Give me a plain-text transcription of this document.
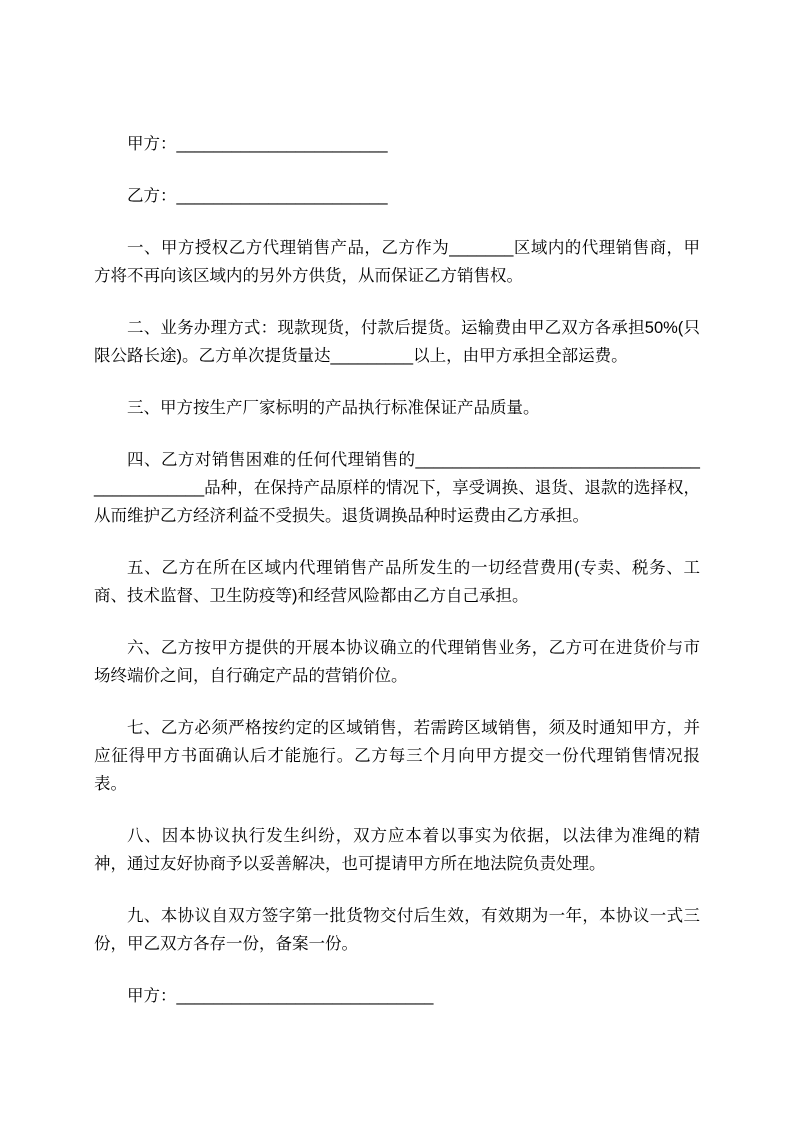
甲方：_______________________

乙方：_______________________

一、甲方授权乙方代理销售产品，乙方作为_______区域内的代理销售商，甲方将不再向该区域内的另外方供货，从而保证乙方销售权。

二、业务办理方式：现款现货，付款后提货。运输费由甲乙双方各承担50%(只限公路长途)。乙方单次提货量达_________以上，由甲方承担全部运费。

三、甲方按生产厂家标明的产品执行标准保证产品质量。

四、乙方对销售困难的任何代理销售的___________________________________________品种，在保持产品原样的情况下，享受调换、退货、退款的选择权，从而维护乙方经济利益不受损失。退货调换品种时运费由乙方承担。

五、乙方在所在区域内代理销售产品所发生的一切经营费用(专卖、税务、工商、技术监督、卫生防疫等)和经营风险都由乙方自己承担。

六、乙方按甲方提供的开展本协议确立的代理销售业务，乙方可在进货价与市场终端价之间，自行确定产品的营销价位。

七、乙方必须严格按约定的区域销售，若需跨区域销售，须及时通知甲方，并应征得甲方书面确认后才能施行。乙方每三个月向甲方提交一份代理销售情况报表。

八、因本协议执行发生纠纷，双方应本着以事实为依据，以法律为准绳的精神，通过友好协商予以妥善解决，也可提请甲方所在地法院负责处理。

九、本协议自双方签字第一批货物交付后生效，有效期为一年，本协议一式三份，甲乙双方各存一份，备案一份。

甲方：____________________________
